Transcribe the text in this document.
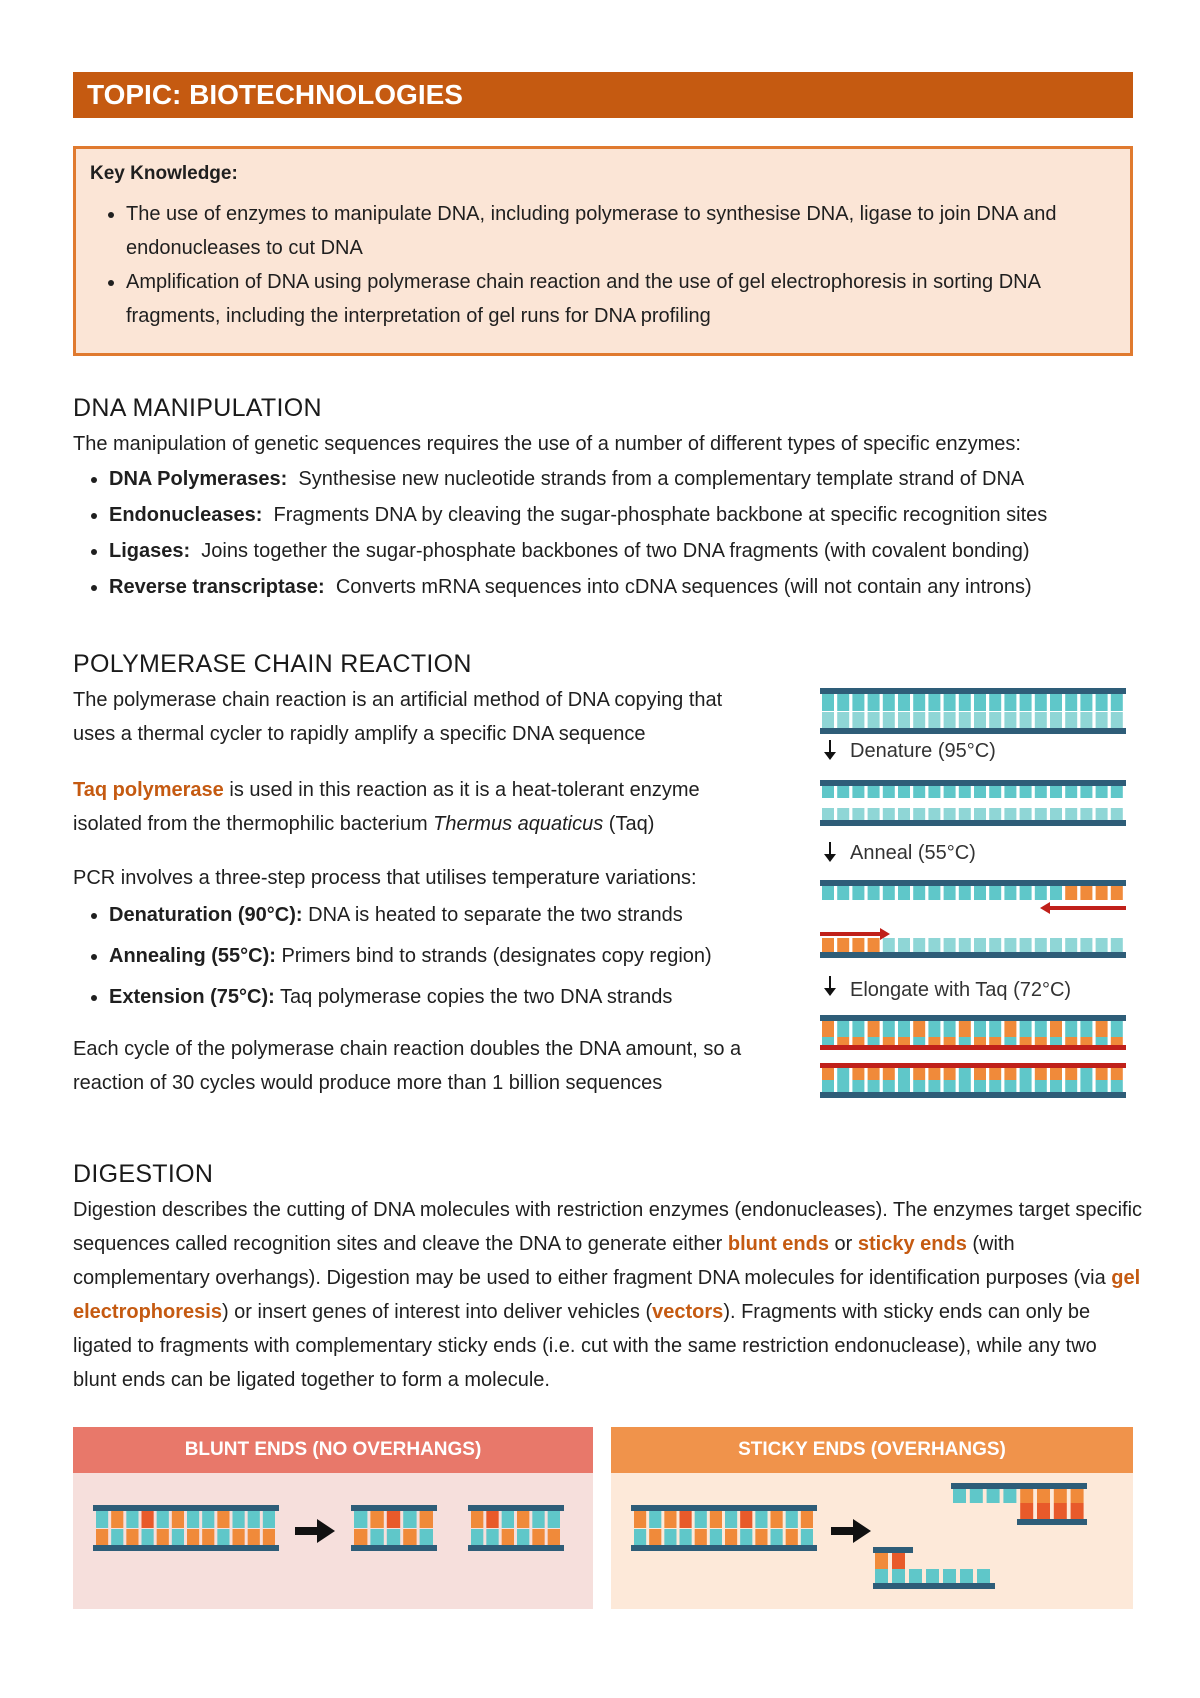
TOPIC: BIOTECHNOLOGIES
Key Knowledge:
• The use of enzymes to manipulate DNA, including polymerase to synthesise DNA, ligase to join DNA and endonucleases to cut DNA
• Amplification of DNA using polymerase chain reaction and the use of gel electrophoresis in sorting DNA fragments, including the interpretation of gel runs for DNA profiling
DNA MANIPULATION
The manipulation of genetic sequences requires the use of a number of different types of specific enzymes:
• DNA Polymerases: Synthesise new nucleotide strands from a complementary template strand of DNA
• Endonucleases: Fragments DNA by cleaving the sugar-phosphate backbone at specific recognition sites
• Ligases: Joins together the sugar-phosphate backbones of two DNA fragments (with covalent bonding)
• Reverse transcriptase: Converts mRNA sequences into cDNA sequences (will not contain any introns)
POLYMERASE CHAIN REACTION
The polymerase chain reaction is an artificial method of DNA copying that uses a thermal cycler to rapidly amplify a specific DNA sequence
Taq polymerase is used in this reaction as it is a heat-tolerant enzyme isolated from the thermophilic bacterium Thermus aquaticus (Taq)
PCR involves a three-step process that utilises temperature variations:
• Denaturation (90°C): DNA is heated to separate the two strands
• Annealing (55°C): Primers bind to strands (designates copy region)
• Extension (75°C): Taq polymerase copies the two DNA strands
Each cycle of the polymerase chain reaction doubles the DNA amount, so a reaction of 30 cycles would produce more than 1 billion sequences
Denature (95°C)
Anneal (55°C)
Elongate with Taq (72°C)
DIGESTION
Digestion describes the cutting of DNA molecules with restriction enzymes (endonucleases). The enzymes target specific sequences called recognition sites and cleave the DNA to generate either blunt ends or sticky ends (with complementary overhangs). Digestion may be used to either fragment DNA molecules for identification purposes (via gel electrophoresis) or insert genes of interest into deliver vehicles (vectors). Fragments with sticky ends can only be ligated to fragments with complementary sticky ends (i.e. cut with the same restriction endonuclease), while any two blunt ends can be ligated together to form a molecule.
BLUNT ENDS (NO OVERHANGS)	STICKY ENDS (OVERHANGS)
